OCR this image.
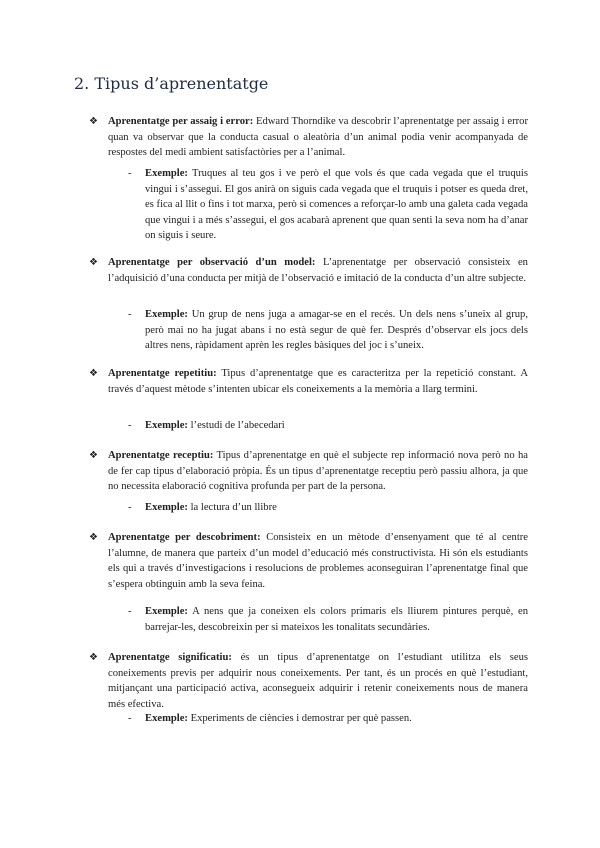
2. Tipus d’aprenentatge
❖ Aprenentatge per assaig i error: Edward Thorndike va descobrir l’aprenentatge per assaig i error quan va observar que la conducta casual o aleatòria d’un animal podia venir acompanyada de respostes del medi ambient satisfactòries per a l’animal.

- Exemple: Truques al teu gos i ve però el que vols és que cada vegada que el truquis vingui i s’assegui. El gos anirà on siguis cada vegada que el truquis i potser es queda dret, es fica al llit o fins i tot marxa, però si comences a reforçar-lo amb una galeta cada vegada que vingui i a més s’assegui, el gos acabarà aprenent que quan senti la seva nom ha d’anar on siguis i seure.

❖ Aprenentatge per observació d’un model: L’aprenentatge per observació consisteix en l’adquisició d’una conducta per mitjà de l’observació e imitació de la conducta d’un altre subjecte.

- Exemple: Un grup de nens juga a amagar-se en el recés. Un dels nens s’uneix al grup, però mai no ha jugat abans i no està segur de què fer. Després d’observar els jocs dels altres nens, ràpidament aprèn les regles bàsiques del joc i s’uneix.

❖ Aprenentatge repetitiu: Tipus d’aprenentatge que es caracteritza per la repetició constant. A través d’aquest mètode s’intenten ubicar els coneixements a la memòria a llarg termini.

- Exemple: l’estudi de l’abecedari

❖ Aprenentatge receptiu: Tipus d’aprenentatge en què el subjecte rep informació nova però no ha de fer cap tipus d’elaboració pròpia. És un tipus d’aprenentatge receptiu però passiu alhora, ja que no necessita elaboració cognitiva profunda per part de la persona.

- Exemple: la lectura d’un llibre

❖ Aprenentatge per descobriment: Consisteix en un mètode d’ensenyament que té al centre l’alumne, de manera que parteix d’un model d’educació més constructivista. Hi són els estudiants els qui a través d’investigacions i resolucions de problemes aconseguiran l’aprenentatge final que s’espera obtinguin amb la seva feina.

- Exemple: A nens que ja coneixen els colors primaris els lliurem pintures perquè, en barrejar-les, descobreixin per si mateixos les tonalitats secundàries.

❖ Aprenentatge significatiu: és un tipus d’aprenentatge on l’estudiant utilitza els seus coneixements previs per adquirir nous coneixements. Per tant, és un procés en què l’estudiant, mitjançant una participació activa, aconsegueix adquirir i retenir coneixements nous de manera més efectiva.

- Exemple: Experiments de ciències i demostrar per què passen.
